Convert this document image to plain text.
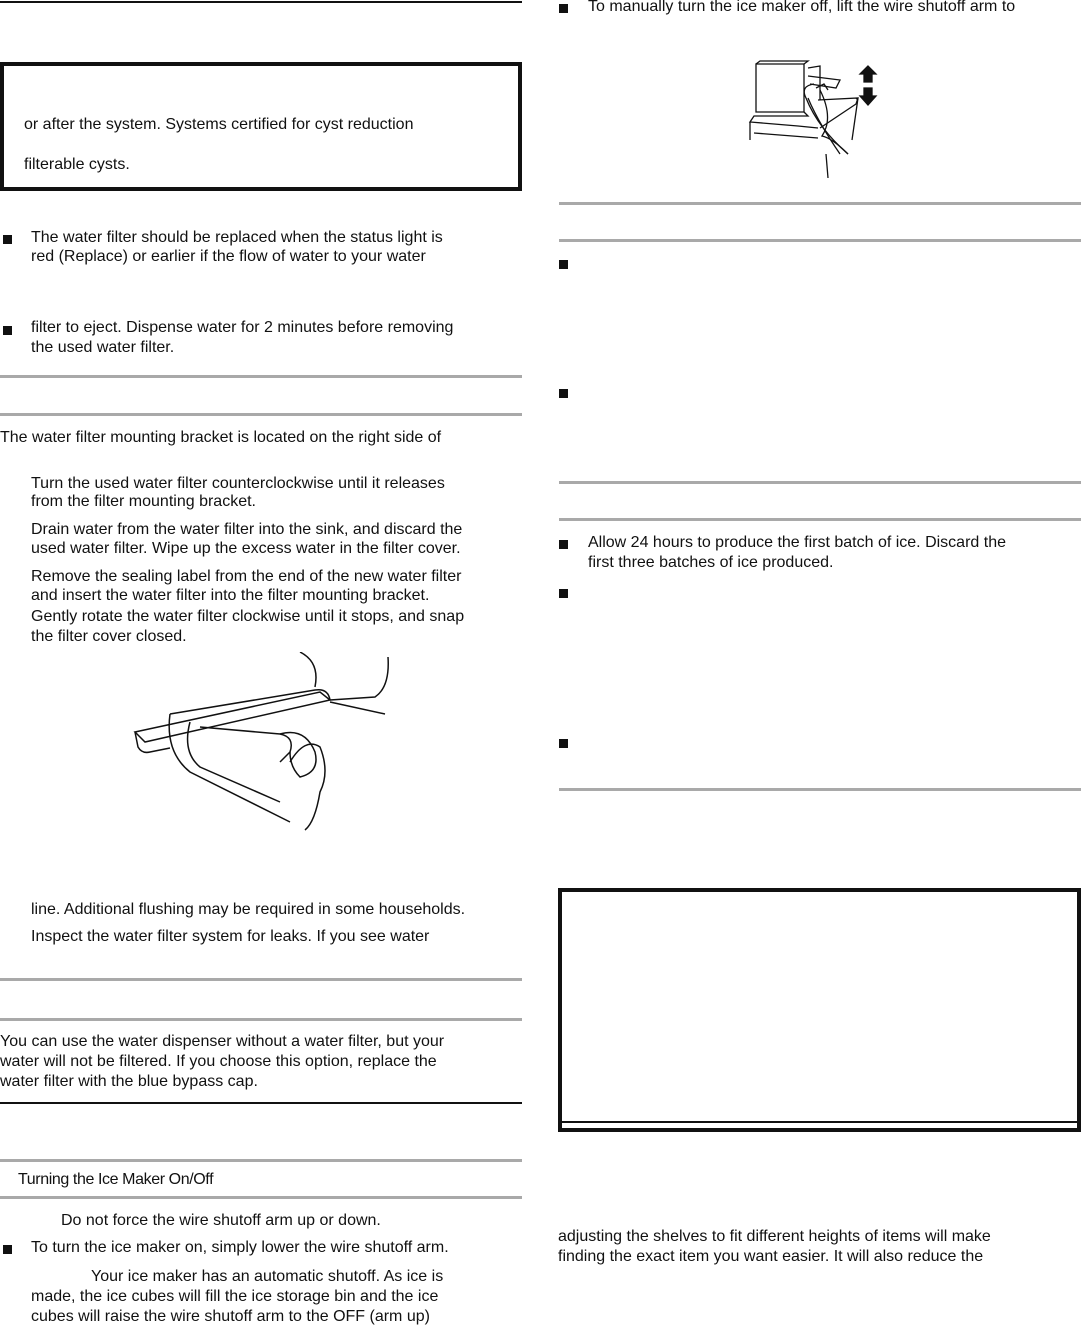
or after the system. Systems certified for cyst reduction
filterable cysts.
The water filter should be replaced when the status light is
red (Replace) or earlier if the flow of water to your water
filter to eject. Dispense water for 2 minutes before removing
the used water filter.
The water filter mounting bracket is located on the right side of
Turn the used water filter counterclockwise until it releases
from the filter mounting bracket.
Drain water from the water filter into the sink, and discard the
used water filter. Wipe up the excess water in the filter cover.
Remove the sealing label from the end of the new water filter
and insert the water filter into the filter mounting bracket.
Gently rotate the water filter clockwise until it stops, and snap
the filter cover closed.
line. Additional flushing may be required in some households.
Inspect the water filter system for leaks. If you see water
You can use the water dispenser without a water filter, but your
water will not be filtered. If you choose this option, replace the
water filter with the blue bypass cap.
Turning the Ice Maker On/Off
Do not force the wire shutoff arm up or down.
To turn the ice maker on, simply lower the wire shutoff arm.
Your ice maker has an automatic shutoff. As ice is
made, the ice cubes will fill the ice storage bin and the ice
cubes will raise the wire shutoff arm to the OFF (arm up)
To manually turn the ice maker off, lift the wire shutoff arm to
Allow 24 hours to produce the first batch of ice. Discard the
first three batches of ice produced.
adjusting the shelves to fit different heights of items will make
finding the exact item you want easier. It will also reduce the
